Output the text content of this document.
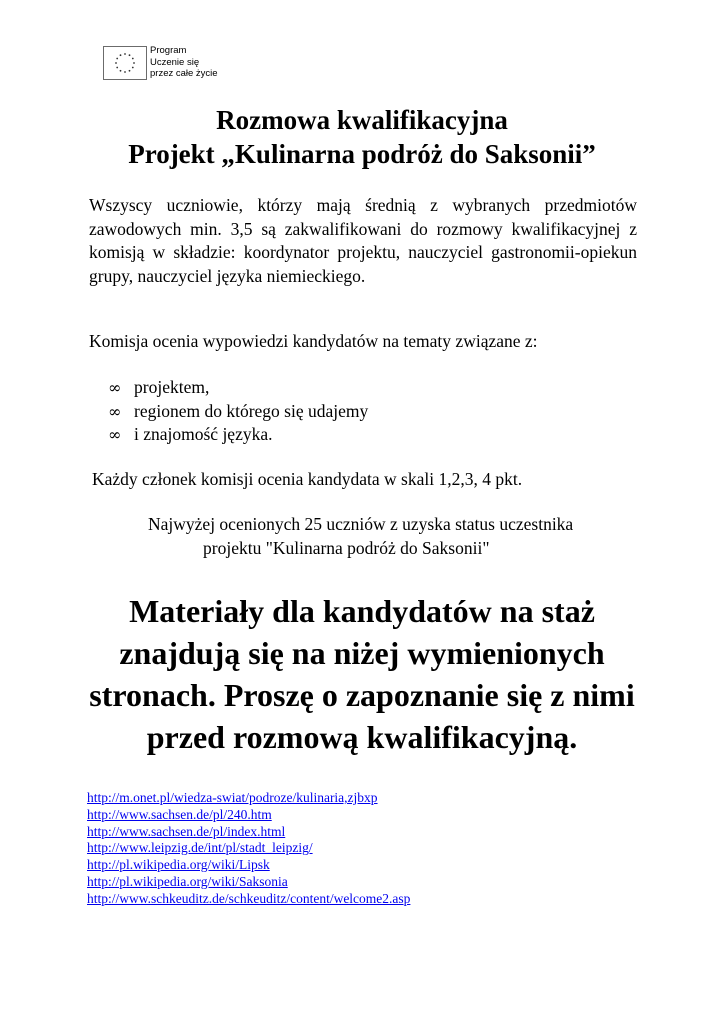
Program
Uczenie się
przez całe życie
Rozmowa kwalifikacyjna
Projekt „Kulinarna podróż do Saksonii”

Wszyscy uczniowie, którzy mają średnią z wybranych przedmiotów zawodowych min. 3,5 są zakwalifikowani do rozmowy kwalifikacyjnej z komisją w składzie: koordynator projektu, nauczyciel gastronomii-opiekun grupy, nauczyciel języka niemieckiego.

Komisja ocenia wypowiedzi kandydatów na tematy związane z:

∞ projektem,
∞ regionem do którego się udajemy
∞ i znajomość języka.

Każdy członek komisji ocenia kandydata w skali 1,2,3, 4 pkt.

Najwyżej ocenionych 25 uczniów z uzyska status uczestnika
projektu "Kulinarna podróż do Saksonii"

Materiały dla kandydatów na staż
znajdują się na niżej wymienionych
stronach. Proszę o zapoznanie się z nimi
przed rozmową kwalifikacyjną.
http://m.onet.pl/wiedza-swiat/podroze/kulinaria,zjbxp
http://www.sachsen.de/pl/240.htm
http://www.sachsen.de/pl/index.html
http://www.leipzig.de/int/pl/stadt_leipzig/
http://pl.wikipedia.org/wiki/Lipsk
http://pl.wikipedia.org/wiki/Saksonia
http://www.schkeuditz.de/schkeuditz/content/welcome2.asp
